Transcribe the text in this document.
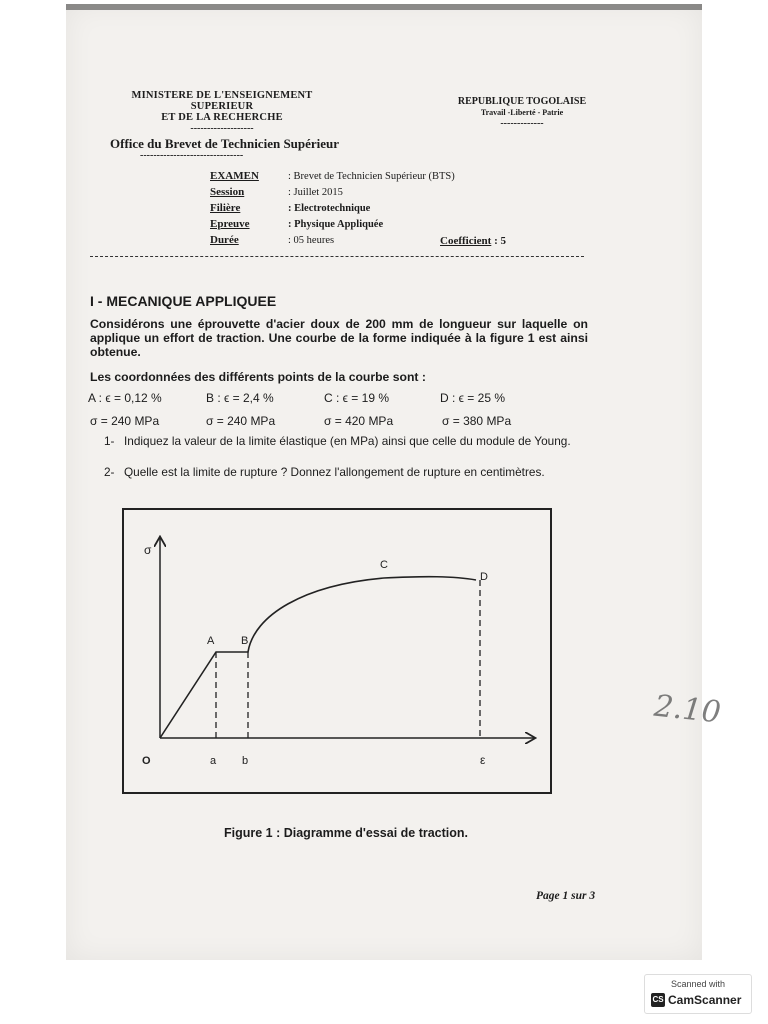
MINISTERE DE L'ENSEIGNEMENT SUPERIEUR
ET DE LA RECHERCHE
-------------------
REPUBLIQUE TOGOLAISE
Travail -Liberté - Patrie
-------------
Office du Brevet de Technicien Supérieur
-------------------------------
EXAMEN	: Brevet de Technicien Supérieur (BTS)
Session	: Juillet 2015
Filière	: Electrotechnique
Epreuve	: Physique Appliquée
Durée	: 05 heures	Coefficient : 5
I - MECANIQUE APPLIQUEE
Considérons une éprouvette d'acier doux de 200 mm de longueur sur laquelle on applique un effort de traction. Une courbe de la forme indiquée à la figure 1 est ainsi obtenue.
Les coordonnées des différents points de la courbe sont :
A : ϵ = 0,12 %	B : ϵ = 2,4 %	C : ϵ = 19 %	D : ϵ = 25 %
σ = 240 MPa	σ = 240 MPa	σ = 420 MPa	σ = 380 MPa
1- Indiquez la valeur de la limite élastique (en MPa) ainsi que celle du module de Young.
2- Quelle est la limite de rupture ? Donnez l'allongement de rupture en centimètres.
σ
A B
C
D
O	a b	ε
Figure 1 : Diagramme d'essai de traction.
Page 1 sur 3
2.10
Scanned with
CS CamScanner
